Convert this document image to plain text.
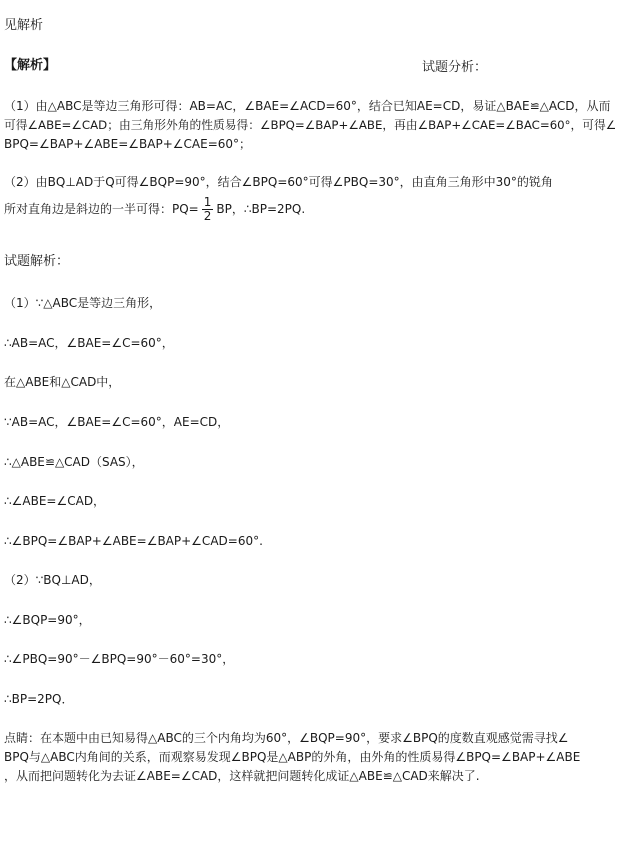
见解析
【解析】	试题分析：
（1）由△ABC是等边三角形可得：AB=AC，∠BAE=∠ACD=60°，结合已知AE=CD，易证△BAE≌△ACD，从而
可得∠ABE=∠CAD；由三角形外角的性质易得：∠BPQ=∠BAP+∠ABE，再由∠BAP+∠CAE=∠BAC=60°，可得∠
BPQ=∠BAP+∠ABE=∠BAP+∠CAE=60°；
（2）由BQ⊥AD于Q可得∠BQP=90°，结合∠BPQ=60°可得∠PBQ=30°，由直角三角形中30°的锐角
所对直角边是斜边的一半可得：$PQ= \frac{1}{2}$ BP，∴BP=2PQ.
试题解析：
（1）∵△ABC是等边三角形，
∴AB=AC，∠BAE=∠C=60°，
在△ABE和△CAD中，
∵AB=AC，∠BAE=∠C=60°，AE=CD，
∴△ABE≌△CAD（SAS），
∴∠ABE=∠CAD，
∴∠BPQ=∠BAP+∠ABE=∠BAP+∠CAD=60°.
（2）∵BQ⊥AD，
∴∠BQP=90°，
∴∠PBQ=90°－∠BPQ=90°－60°=30°，
∴BP=2PQ．
点睛：在本题中由已知易得△ABC的三个内角均为60°，∠BQP=90°，要求∠BPQ的度数直观感觉需寻找∠
BPQ与△ABC内角间的关系，而观察易发现∠BPQ是△ABP的外角，由外角的性质易得∠BPQ=∠BAP+∠ABE
，从而把问题转化为去证∠ABE=∠CAD，这样就把问题转化成证△ABE≌△CAD来解决了.
